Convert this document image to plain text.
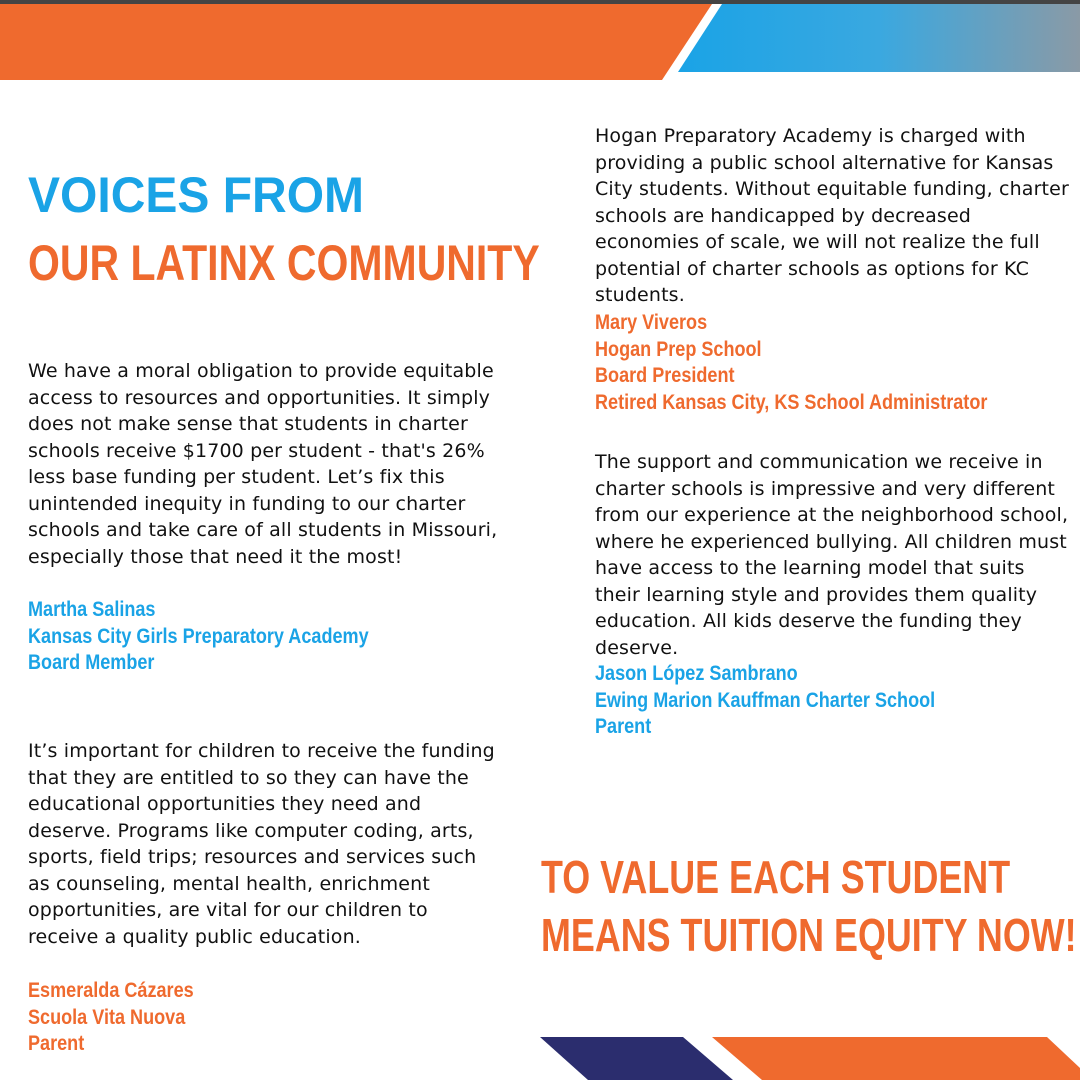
VOICES FROM
OUR LATINX COMMUNITY

We have a moral obligation to provide equitable access to resources and opportunities. It simply does not make sense that students in charter schools receive $1700 per student - that's 26% less base funding per student. Let’s fix this unintended inequity in funding to our charter schools and take care of all students in Missouri, especially those that need it the most!

Martha Salinas
Kansas City Girls Preparatory Academy
Board Member

It’s important for children to receive the funding that they are entitled to so they can have the educational opportunities they need and deserve. Programs like computer coding, arts, sports, field trips; resources and services such as counseling, mental health, enrichment opportunities, are vital for our children to receive a quality public education.

Esmeralda Cázares
Scuola Vita Nuova
Parent

Hogan Preparatory Academy is charged with providing a public school alternative for Kansas City students. Without equitable funding, charter schools are handicapped by decreased economies of scale, we will not realize the full potential of charter schools as options for KC students.

Mary Viveros
Hogan Prep School
Board President
Retired Kansas City, KS School Administrator

The support and communication we receive in charter schools is impressive and very different from our experience at the neighborhood school, where he experienced bullying. All children must have access to the learning model that suits their learning style and provides them quality education. All kids deserve the funding they deserve.

Jason López Sambrano
Ewing Marion Kauffman Charter School
Parent
TO VALUE EACH STUDENT
MEANS TUITION EQUITY NOW!
